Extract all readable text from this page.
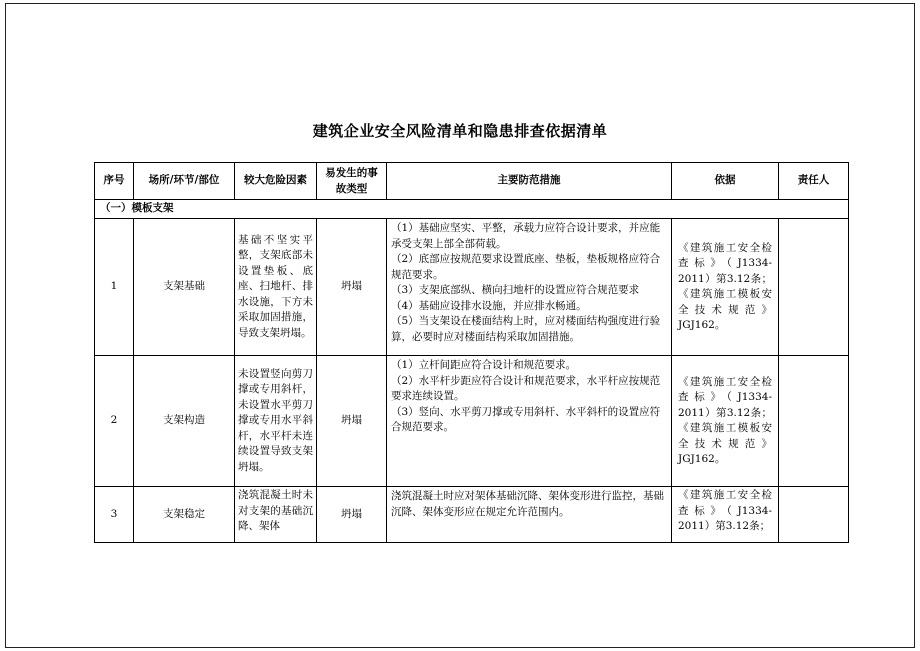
建筑企业安全风险清单和隐患排查依据清单
序号	场所/环节/部位	较大危险因素	易发生的事故类型	主要防范措施	依据	责任人
（一）模板支架						
1	支架基础	基础不坚实平整，支架底部未设置垫板、底座、扫地杆、排水设施，下方未采取加固措施，导致支架坍塌。	坍塌	（1）基础应坚实、平整，承载力应符合设计要求，并应能承受支架上部全部荷载。
（2）底部应按规范要求设置底座、垫板，垫板规格应符合规范要求。
（3）支架底部纵、横向扫地杆的设置应符合规范要求
（4）基础应设排水设施，并应排水畅通。
（5）当支架设在楼面结构上时，应对楼面结构强度进行验算，必要时应对楼面结构采取加固措施。	《建筑施工安全检查标》（J1334-2011）第3.12条；《建筑施工模板安全技术规范》JGJ162。	
2	支架构造	未设置竖向剪刀撑或专用斜杆，未设置水平剪刀撑或专用水平斜杆，水平杆未连续设置导致支架坍塌。	坍塌	（1）立杆间距应符合设计和规范要求。
（2）水平杆步距应符合设计和规范要求，水平杆应按规范要求连续设置。
（3）竖向、水平剪刀撑或专用斜杆、水平斜杆的设置应符合规范要求。	《建筑施工安全检查标》（J1334-2011）第3.12条；《建筑施工模板安全技术规范》JGJ162。	
3	支架稳定	浇筑混凝土时未对支架的基础沉降、架体	坍塌	浇筑混凝土时应对架体基础沉降、架体变形进行监控，基础沉降、架体变形应在规定允许范围内。	《建筑施工安全检查标》（J1334-2011）第3.12条；	
